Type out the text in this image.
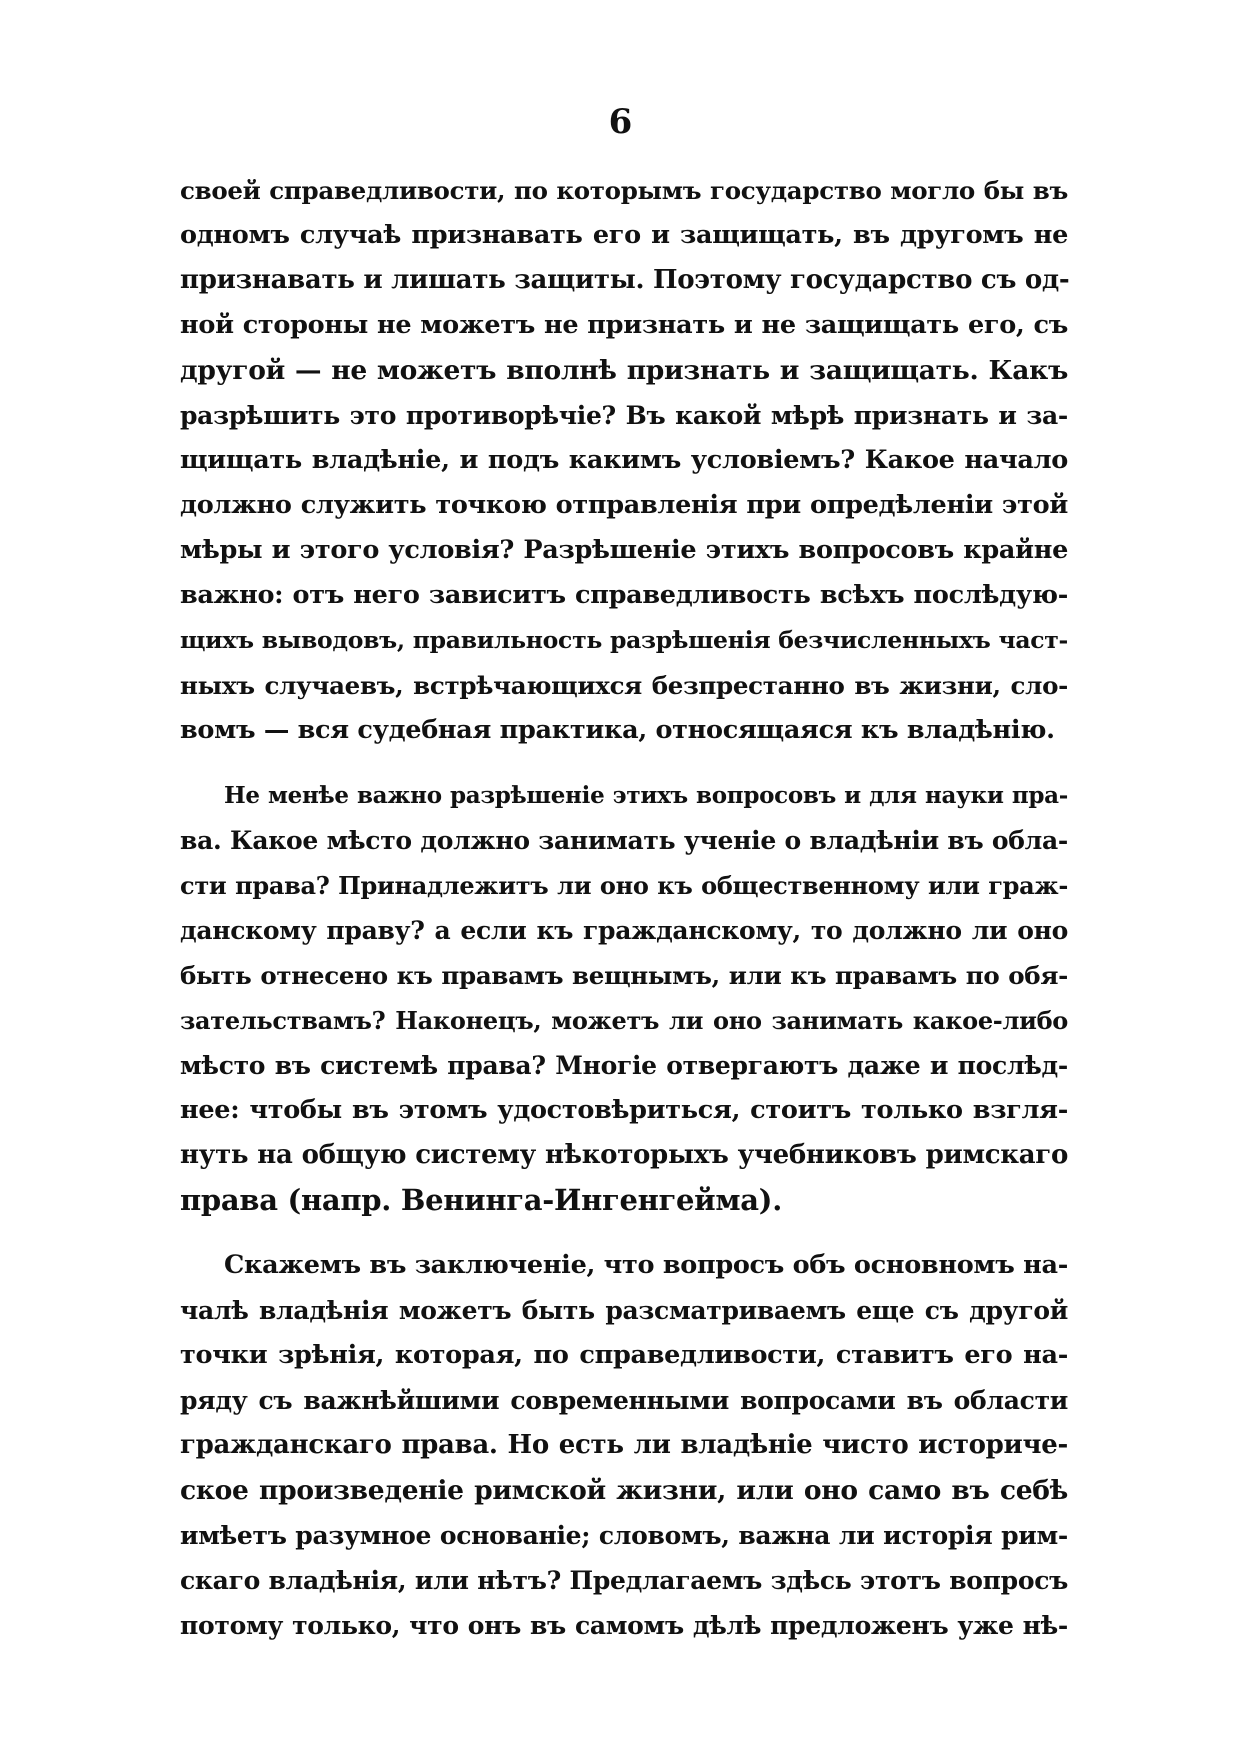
6
своей справедливости, по которымъ государство могло бы въ
одномъ случаѣ признавать его и защищать, въ другомъ не
признавать и лишать защиты. Поэтому государство съ од-
ной стороны не можетъ не признать и не защищать его, съ
другой — не можетъ вполнѣ признать и защищать. Какъ
разрѣшить это противорѣчіе? Въ какой мѣрѣ признать и за-
щищать владѣніе, и подъ какимъ условіемъ? Какое начало
должно служить точкою отправленія при опредѣленіи этой
мѣры и этого условія? Разрѣшеніе этихъ вопросовъ крайне
важно: отъ него зависитъ справедливость всѣхъ послѣдую-
щихъ выводовъ, правильность разрѣшенія безчисленныхъ част-
ныхъ случаевъ, встрѣчающихся безпрестанно въ жизни, сло-
вомъ — вся судебная практика, относящаяся къ владѣнію.
Не менѣе важно разрѣшеніе этихъ вопросовъ и для науки пра-
ва. Какое мѣсто должно занимать ученіе о владѣніи въ обла-
сти права? Принадлежитъ ли оно къ общественному или граж-
данскому праву? а если къ гражданскому, то должно ли оно
быть отнесено къ правамъ вещнымъ, или къ правамъ по обя-
зательствамъ? Наконецъ, можетъ ли оно занимать какое-либо
мѣсто въ системѣ права? Многіе отвергаютъ даже и послѣд-
нее: чтобы въ этомъ удостовѣриться, стоитъ только взгля-
нуть на общую систему нѣкоторыхъ учебниковъ римскаго
права (напр. Венинга-Ингенгейма).
Скажемъ въ заключеніе, что вопросъ объ основномъ на-
чалѣ владѣнія можетъ быть разсматриваемъ еще съ другой
точки зрѣнія, которая, по справедливости, ставитъ его на-
ряду съ важнѣйшими современными вопросами въ области
гражданскаго права. Но есть ли владѣніе чисто историче-
ское произведеніе римской жизни, или оно само въ себѣ
имѣетъ разумное основаніе; словомъ, важна ли исторія рим-
скаго владѣнія, или нѣтъ? Предлагаемъ здѣсь этотъ вопросъ
потому только, что онъ въ самомъ дѣлѣ предложенъ уже нѣ-
